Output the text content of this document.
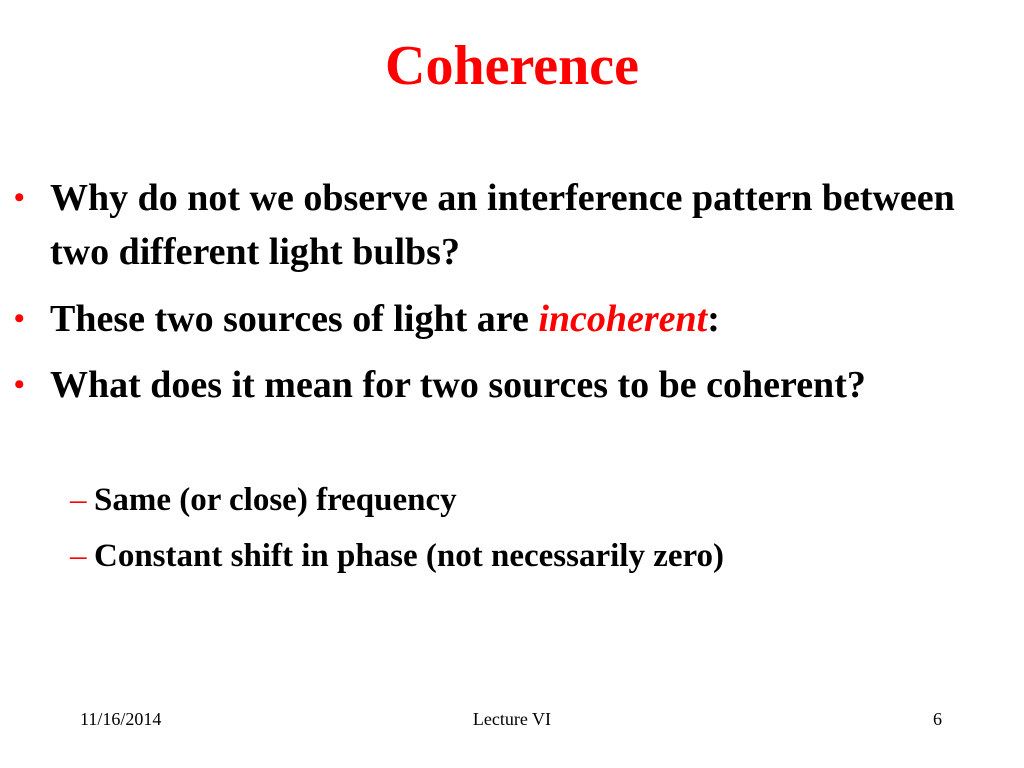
Coherence
• Why do not we observe an interference pattern between two different light bulbs?
• These two sources of light are incoherent:
• What does it mean for two sources to be coherent?
– Same (or close) frequency
– Constant shift in phase (not necessarily zero)
11/16/2014	Lecture VI	6
